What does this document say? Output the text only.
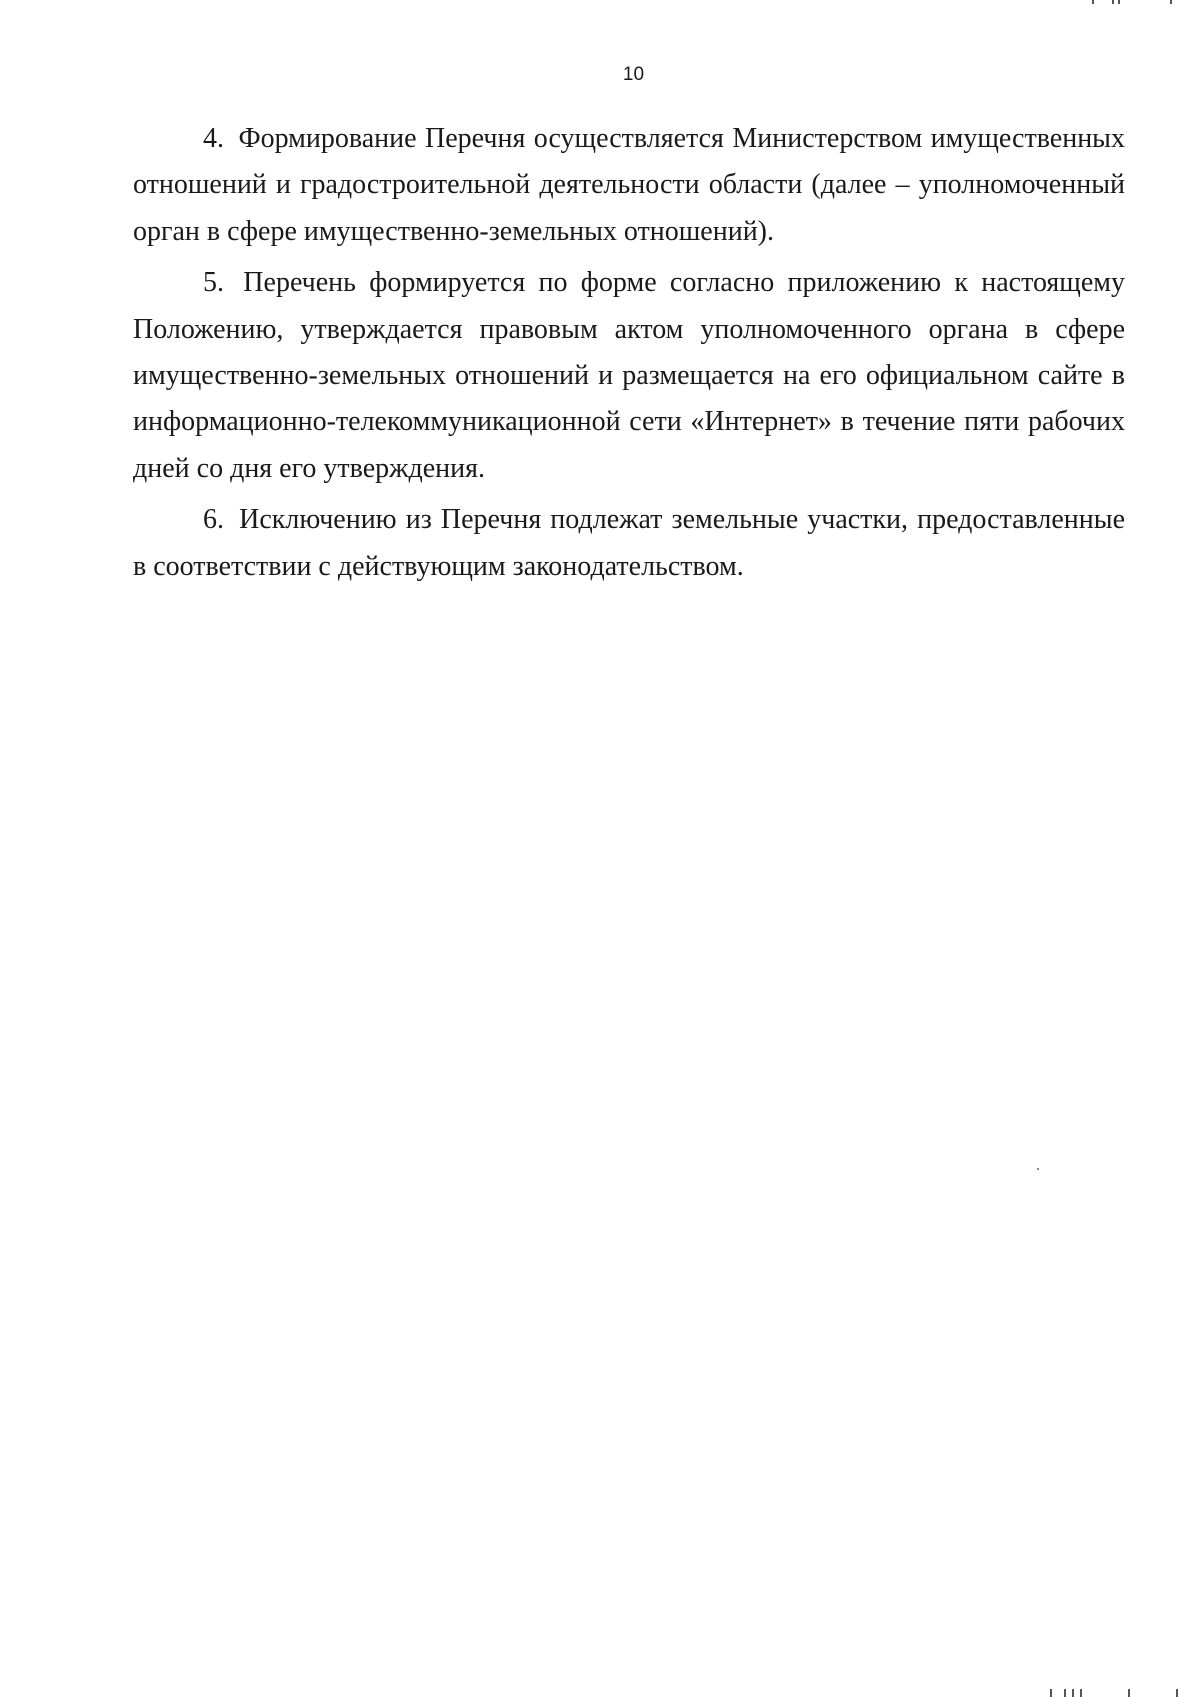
10

4. Формирование Перечня осуществляется Министерством имущественных отношений и градостроительной деятельности области (далее – уполномоченный орган в сфере имущественно-земельных отношений).

5. Перечень формируется по форме согласно приложению к настоящему Положению, утверждается правовым актом уполномоченного органа в сфере имущественно-земельных отношений и размещается на его официальном сайте в информационно-телекоммуникационной сети «Интернет» в течение пяти рабочих дней со дня его утверждения.

6. Исключению из Перечня подлежат земельные участки, предоставленные в соответствии с действующим законодательством.
